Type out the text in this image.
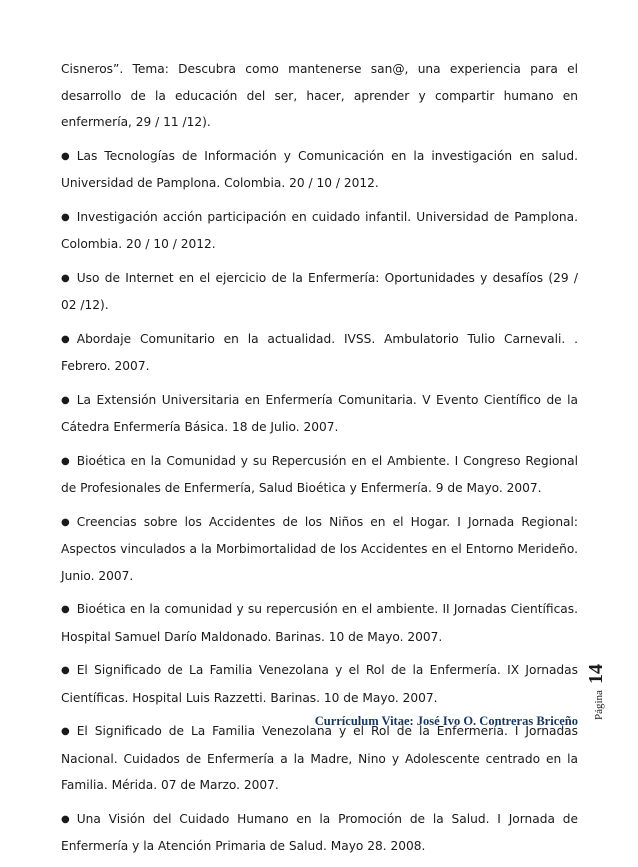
Cisneros”. Tema: Descubra como mantenerse san@, una experiencia para el desarrollo de la educación del ser, hacer, aprender y compartir humano en enfermería, 29 / 11 /12).

● Las Tecnologías de Información y Comunicación en la investigación en salud. Universidad de Pamplona. Colombia. 20 / 10 / 2012.

● Investigación acción participación en cuidado infantil. Universidad de Pamplona. Colombia. 20 / 10 / 2012.

● Uso de Internet en el ejercicio de la Enfermería: Oportunidades y desafíos (29 / 02 /12).

● Abordaje Comunitario en la actualidad. IVSS. Ambulatorio Tulio Carnevali. . Febrero. 2007.

● La Extensión Universitaria en Enfermería Comunitaria. V Evento Científico de la Cátedra Enfermería Básica. 18 de Julio. 2007.

● Bioética en la Comunidad y su Repercusión en el Ambiente. I Congreso Regional de Profesionales de Enfermería, Salud Bioética y Enfermería. 9 de Mayo. 2007.

● Creencias sobre los Accidentes de los Niños en el Hogar. I Jornada Regional: Aspectos vinculados a la Morbimortalidad de los Accidentes en el Entorno Merideño. Junio. 2007.

● Bioética en la comunidad y su repercusión en el ambiente. II Jornadas Científicas. Hospital Samuel Darío Maldonado. Barinas. 10 de Mayo. 2007.

● El Significado de La Familia Venezolana y el Rol de la Enfermería. IX Jornadas Científicas. Hospital Luis Razzetti. Barinas. 10 de Mayo. 2007.

● El Significado de La Familia Venezolana y el Rol de la Enfermería. I Jornadas Nacional. Cuidados de Enfermería a la Madre, Nino y Adolescente centrado en la Familia. Mérida. 07 de Marzo. 2007.

● Una Visión del Cuidado Humano en la Promoción de la Salud. I Jornada de Enfermería y la Atención Primaria de Salud. Mayo 28. 2008.

Currículum Vitae: José Ivo O. Contreras Briceño
Página14
